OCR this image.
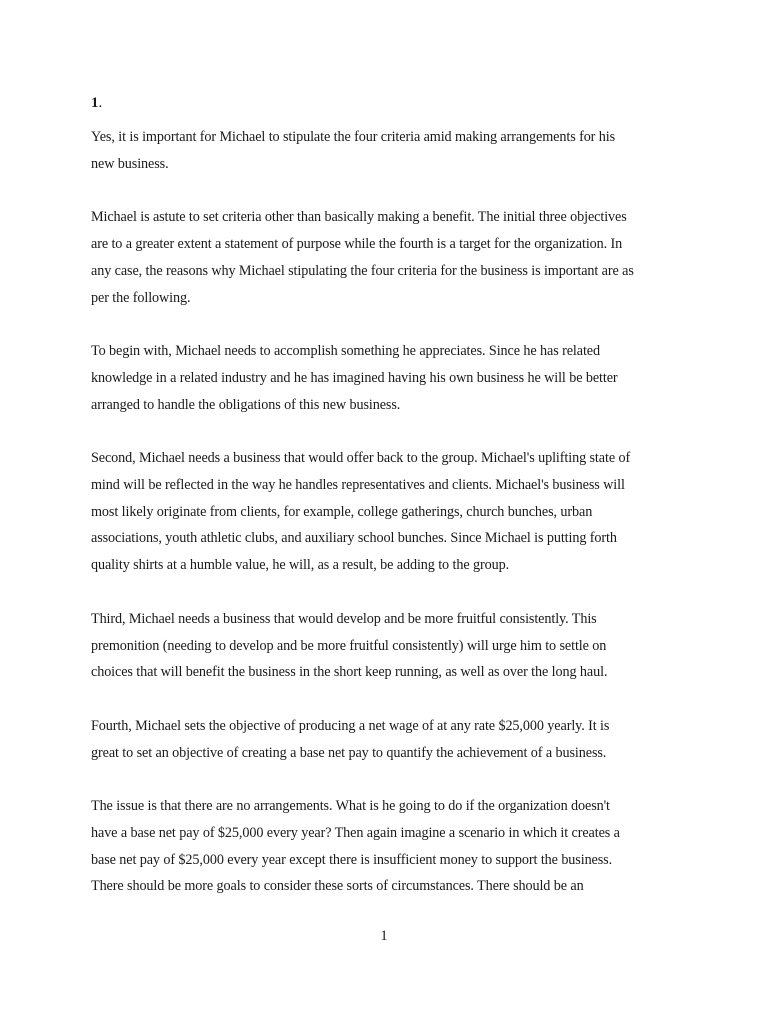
1.

Yes, it is important for Michael to stipulate the four criteria amid making arrangements for his
new business.

Michael is astute to set criteria other than basically making a benefit. The initial three objectives
are to a greater extent a statement of purpose while the fourth is a target for the organization. In
any case, the reasons why Michael stipulating the four criteria for the business is important are as
per the following.

To begin with, Michael needs to accomplish something he appreciates. Since he has related
knowledge in a related industry and he has imagined having his own business he will be better
arranged to handle the obligations of this new business.

Second, Michael needs a business that would offer back to the group. Michael's uplifting state of
mind will be reflected in the way he handles representatives and clients. Michael's business will
most likely originate from clients, for example, college gatherings, church bunches, urban
associations, youth athletic clubs, and auxiliary school bunches. Since Michael is putting forth
quality shirts at a humble value, he will, as a result, be adding to the group.

Third, Michael needs a business that would develop and be more fruitful consistently. This
premonition (needing to develop and be more fruitful consistently) will urge him to settle on
choices that will benefit the business in the short keep running, as well as over the long haul.

Fourth, Michael sets the objective of producing a net wage of at any rate $25,000 yearly. It is
great to set an objective of creating a base net pay to quantify the achievement of a business.

The issue is that there are no arrangements. What is he going to do if the organization doesn't
have a base net pay of $25,000 every year? Then again imagine a scenario in which it creates a
base net pay of $25,000 every year except there is insufficient money to support the business.
There should be more goals to consider these sorts of circumstances. There should be an

1
